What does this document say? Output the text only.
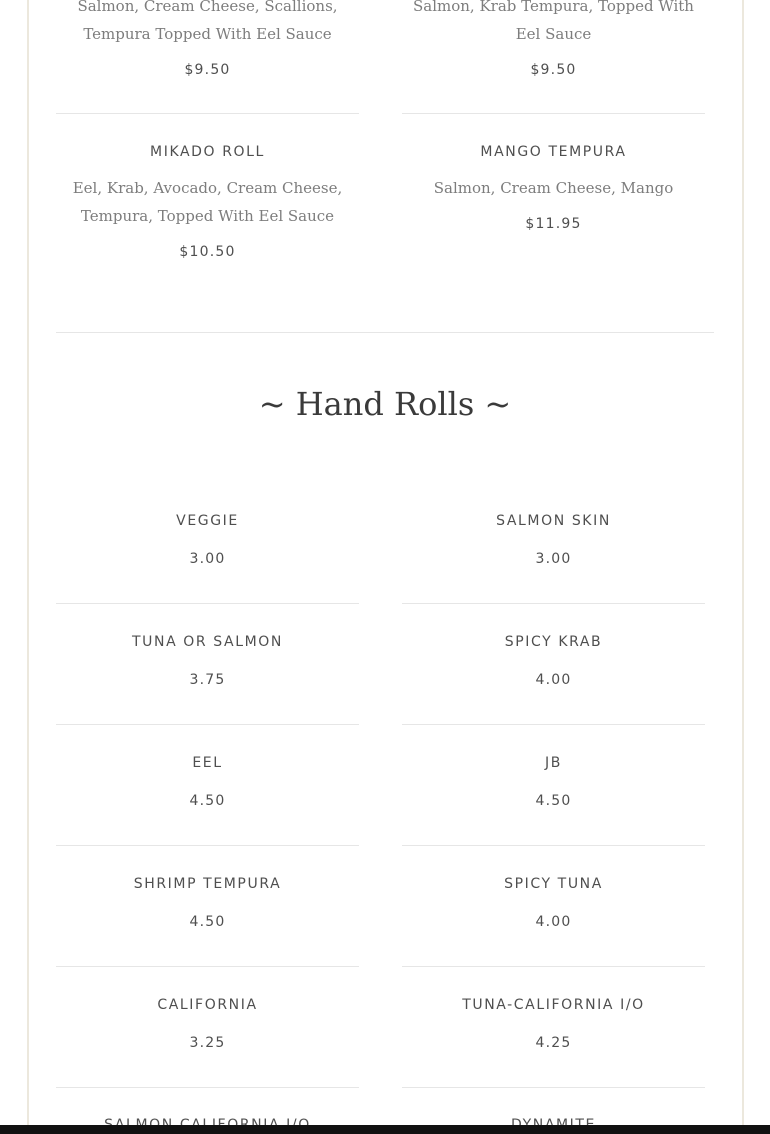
Salmon, Cream Cheese, Scallions, Tempura Topped With Eel Sauce
$9.50
Salmon, Krab Tempura, Topped With Eel Sauce
$9.50
MIKADO ROLL
Eel, Krab, Avocado, Cream Cheese, Tempura, Topped With Eel Sauce
$10.50
MANGO TEMPURA
Salmon, Cream Cheese, Mango
$11.95
~ Hand Rolls ~
VEGGIE
3.00
SALMON SKIN
3.00
TUNA OR SALMON
3.75
SPICY KRAB
4.00
EEL
4.50
JB
4.50
SHRIMP TEMPURA
4.50
SPICY TUNA
4.00
CALIFORNIA
3.25
TUNA-CALIFORNIA I/O
4.25
